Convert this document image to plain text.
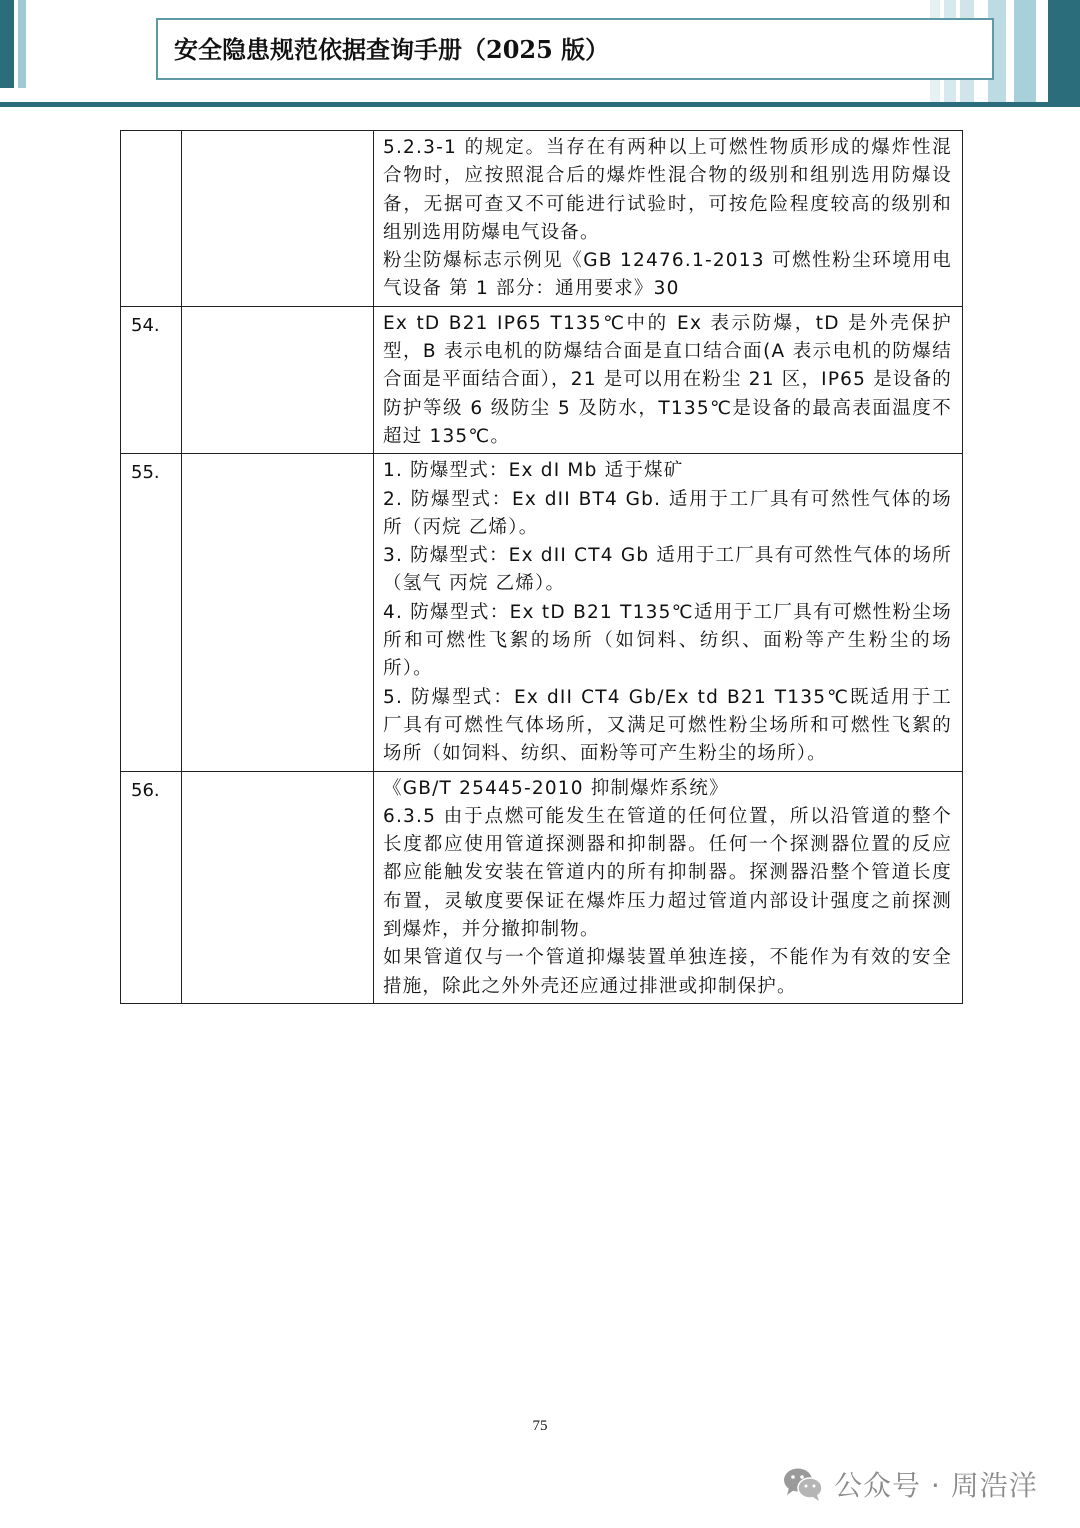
安全隐患规范依据查询手册（2025 版）

		5.2.3-1 的规定。当存在有两种以上可燃性物质形成的爆炸性混合物时，应按照混合后的爆炸性混合物的级别和组别选用防爆设备，无据可查又不可能进行试验时，可按危险程度较高的级别和组别选用防爆电气设备。

粉尘防爆标志示例见《GB 12476.1-2013 可燃性粉尘环境用电气设备 第 1 部分：通用要求》30

54.		Ex tD B21 IP65 T135℃中的 Ex 表示防爆，tD 是外壳保护型，B 表示电机的防爆结合面是直口结合面(A 表示电机的防爆结合面是平面结合面），21 是可以用在粉尘 21 区，IP65 是设备的防护等级 6 级防尘 5 及防水，T135℃是设备的最高表面温度不超过 135℃。

55.		1. 防爆型式：Ex dI Mb 适于煤矿

2. 防爆型式：Ex dII BT4 Gb. 适用于工厂具有可然性气体的场所（丙烷 乙烯）。

3. 防爆型式：Ex dII CT4 Gb 适用于工厂具有可然性气体的场所（氢气 丙烷 乙烯）。

4. 防爆型式：Ex tD B21 T135℃适用于工厂具有可燃性粉尘场所和可燃性飞絮的场所（如饲料、纺织、面粉等产生粉尘的场所）。

5. 防爆型式：Ex dII CT4 Gb/Ex td B21 T135℃既适用于工厂具有可燃性气体场所，又满足可燃性粉尘场所和可燃性飞絮的场所（如饲料、纺织、面粉等可产生粉尘的场所）。

56.		《GB/T 25445-2010 抑制爆炸系统》

6.3.5 由于点燃可能发生在管道的任何位置，所以沿管道的整个长度都应使用管道探测器和抑制器。任何一个探测器位置的反应都应能触发安装在管道内的所有抑制器。探测器沿整个管道长度布置，灵敏度要保证在爆炸压力超过管道内部设计强度之前探测到爆炸，并分撤抑制物。

如果管道仅与一个管道抑爆装置单独连接，不能作为有效的安全措施，除此之外外壳还应通过排泄或抑制保护。

75
公众号 · 周浩洋
